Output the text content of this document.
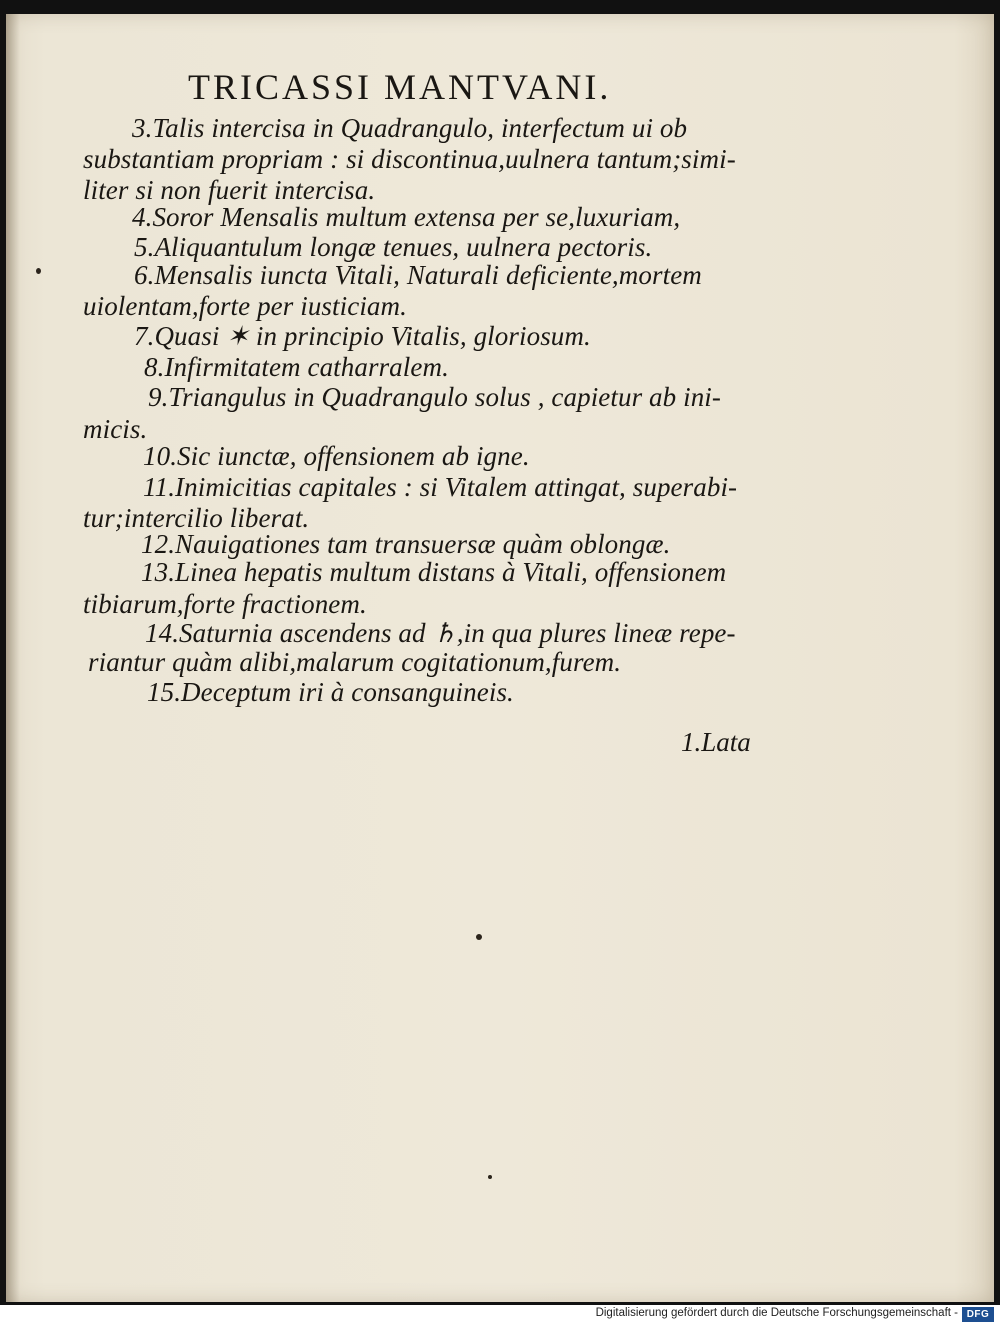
TRICASSI MANTVANI.
3.Talis intercisa in Quadrangulo, interfectum ui ob
substantiam propriam : si discontinua,uulnera tantum;simi-
liter si non fuerit intercisa.
4.Soror Mensalis multum extensa per se,luxuriam,
5.Aliquantulum longæ tenues, uulnera pectoris.
6.Mensalis iuncta Vitali, Naturali deficiente,mortem
uiolentam,forte per iusticiam.
7.Quasi ✶ in principio Vitalis, gloriosum.
8.Infirmitatem catharralem.
9.Triangulus in Quadrangulo solus , capietur ab ini-
micis.
10.Sic iunctæ, offensionem ab igne.
11.Inimicitias capitales : si Vitalem attingat, superabi-
tur;intercilio liberat.
12.Nauigationes tam transuersæ quàm oblongæ.
13.Linea hepatis multum distans à Vitali, offensionem
tibiarum,forte fractionem.
14.Saturnia ascendens ad ♄,in qua plures lineæ repe-
riantur quàm alibi,malarum cogitationum,furem.
15.Deceptum iri à consanguineis.
1.Lata
Digitalisierung gefördert durch die Deutsche Forschungsgemeinschaft - DFG
